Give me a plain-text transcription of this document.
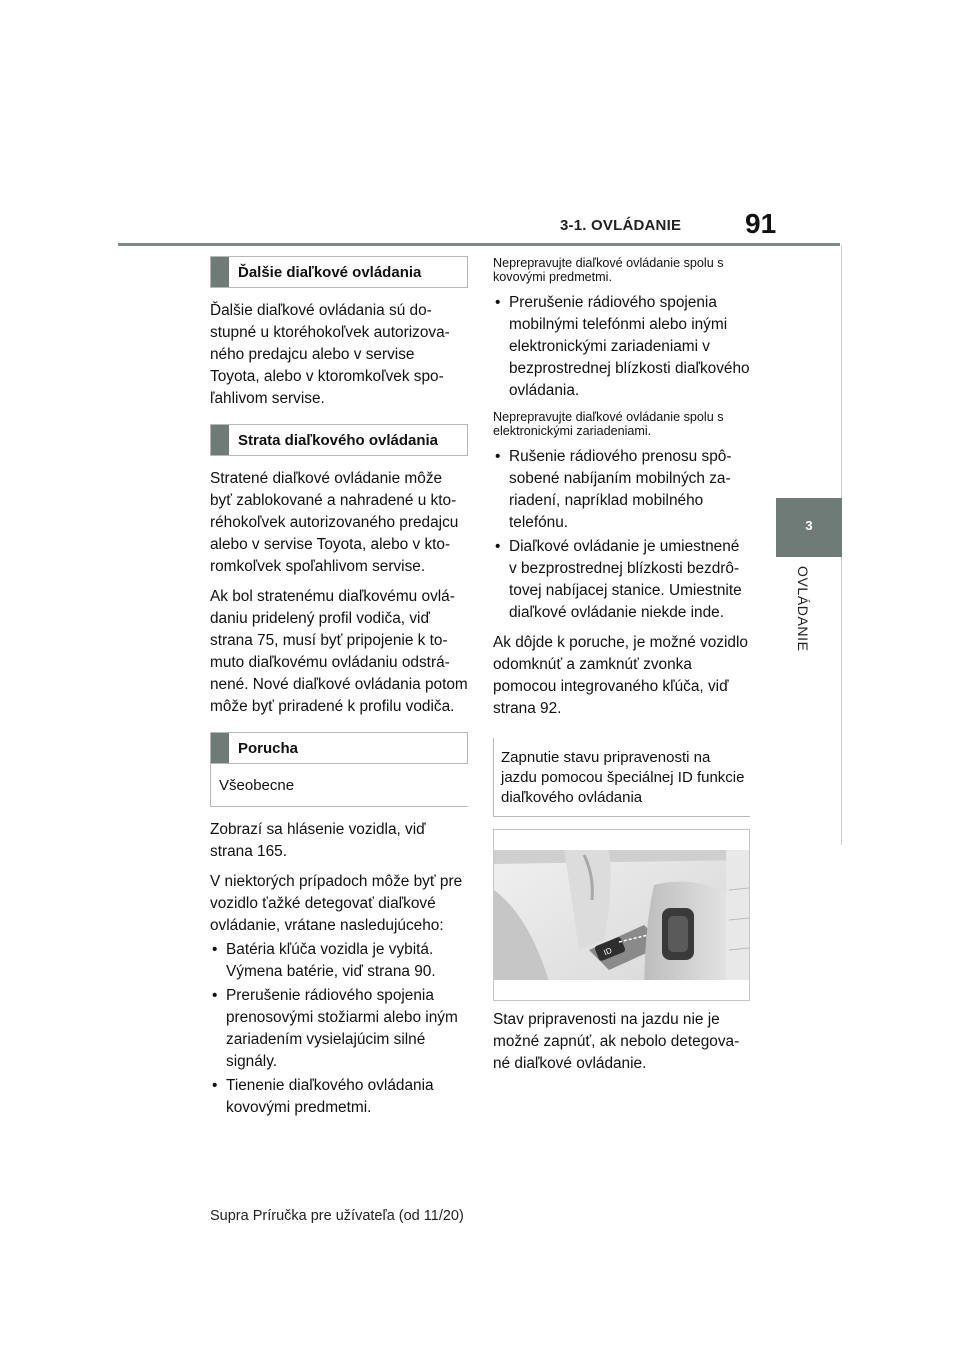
3-1. OVLÁDANIE 91
3
OVLÁDANIE
Ďalšie diaľkové ovládania

Ďalšie diaľkové ovládania sú dostupné u ktoréhokoľvek autorizovaného predajcu alebo v servise Toyota, alebo v ktoromkoľvek spoľahlivom servise.

Strata diaľkového ovládania

Stratené diaľkové ovládanie môže byť zablokované a nahradené u ktoréhokoľvek autorizovaného predajcu alebo v servise Toyota, alebo v ktoromkoľvek spoľahlivom servise.

Ak bol stratenému diaľkovému ovládaniu pridelený profil vodiča, viď strana 75, musí byť pripojenie k tomuto diaľkovému ovládaniu odstránené. Nové diaľkové ovládania potom môže byť priradené k profilu vodiča.

Porucha
Všeobecne

Zobrazí sa hlásenie vozidla, viď strana 165.

V niektorých prípadoch môže byť pre vozidlo ťažké detegovať diaľkové ovládanie, vrátane nasledujúceho:

• Batéria kľúča vozidla je vybitá. Výmena batérie, viď strana 90.
• Prerušenie rádiového spojenia prenosovými stožiarmi alebo iným zariadením vysielajúcim silné signály.
• Tienenie diaľkového ovládania kovovými predmetmi.

Neprepravujte diaľkové ovládanie spolu s kovovými predmetmi.

• Prerušenie rádiového spojenia mobilnými telefónmi alebo inými elektronickými zariadeniami v bezprostrednej blízkosti diaľkového ovládania.

Neprepravujte diaľkové ovládanie spolu s elektronickými zariadeniami.

• Rušenie rádiového prenosu spôsobené nabíjaním mobilných zariadení, napríklad mobilného telefónu.
• Diaľkové ovládanie je umiestnené v bezprostrednej blízkosti bezdrôtovej nabíjacej stanice. Umiestnite diaľkové ovládanie niekde inde.

Ak dôjde k poruche, je možné vozidlo odomknúť a zamknúť zvonka pomocou integrovaného kľúča, viď strana 92.

Zapnutie stavu pripravenosti na jazdu pomocou špeciálnej ID funkcie diaľkového ovládania
ID

Stav pripravenosti na jazdu nie je možné zapnúť, ak nebolo detegované diaľkové ovládanie.

Supra Príručka pre užívateľa (od 11/20)
